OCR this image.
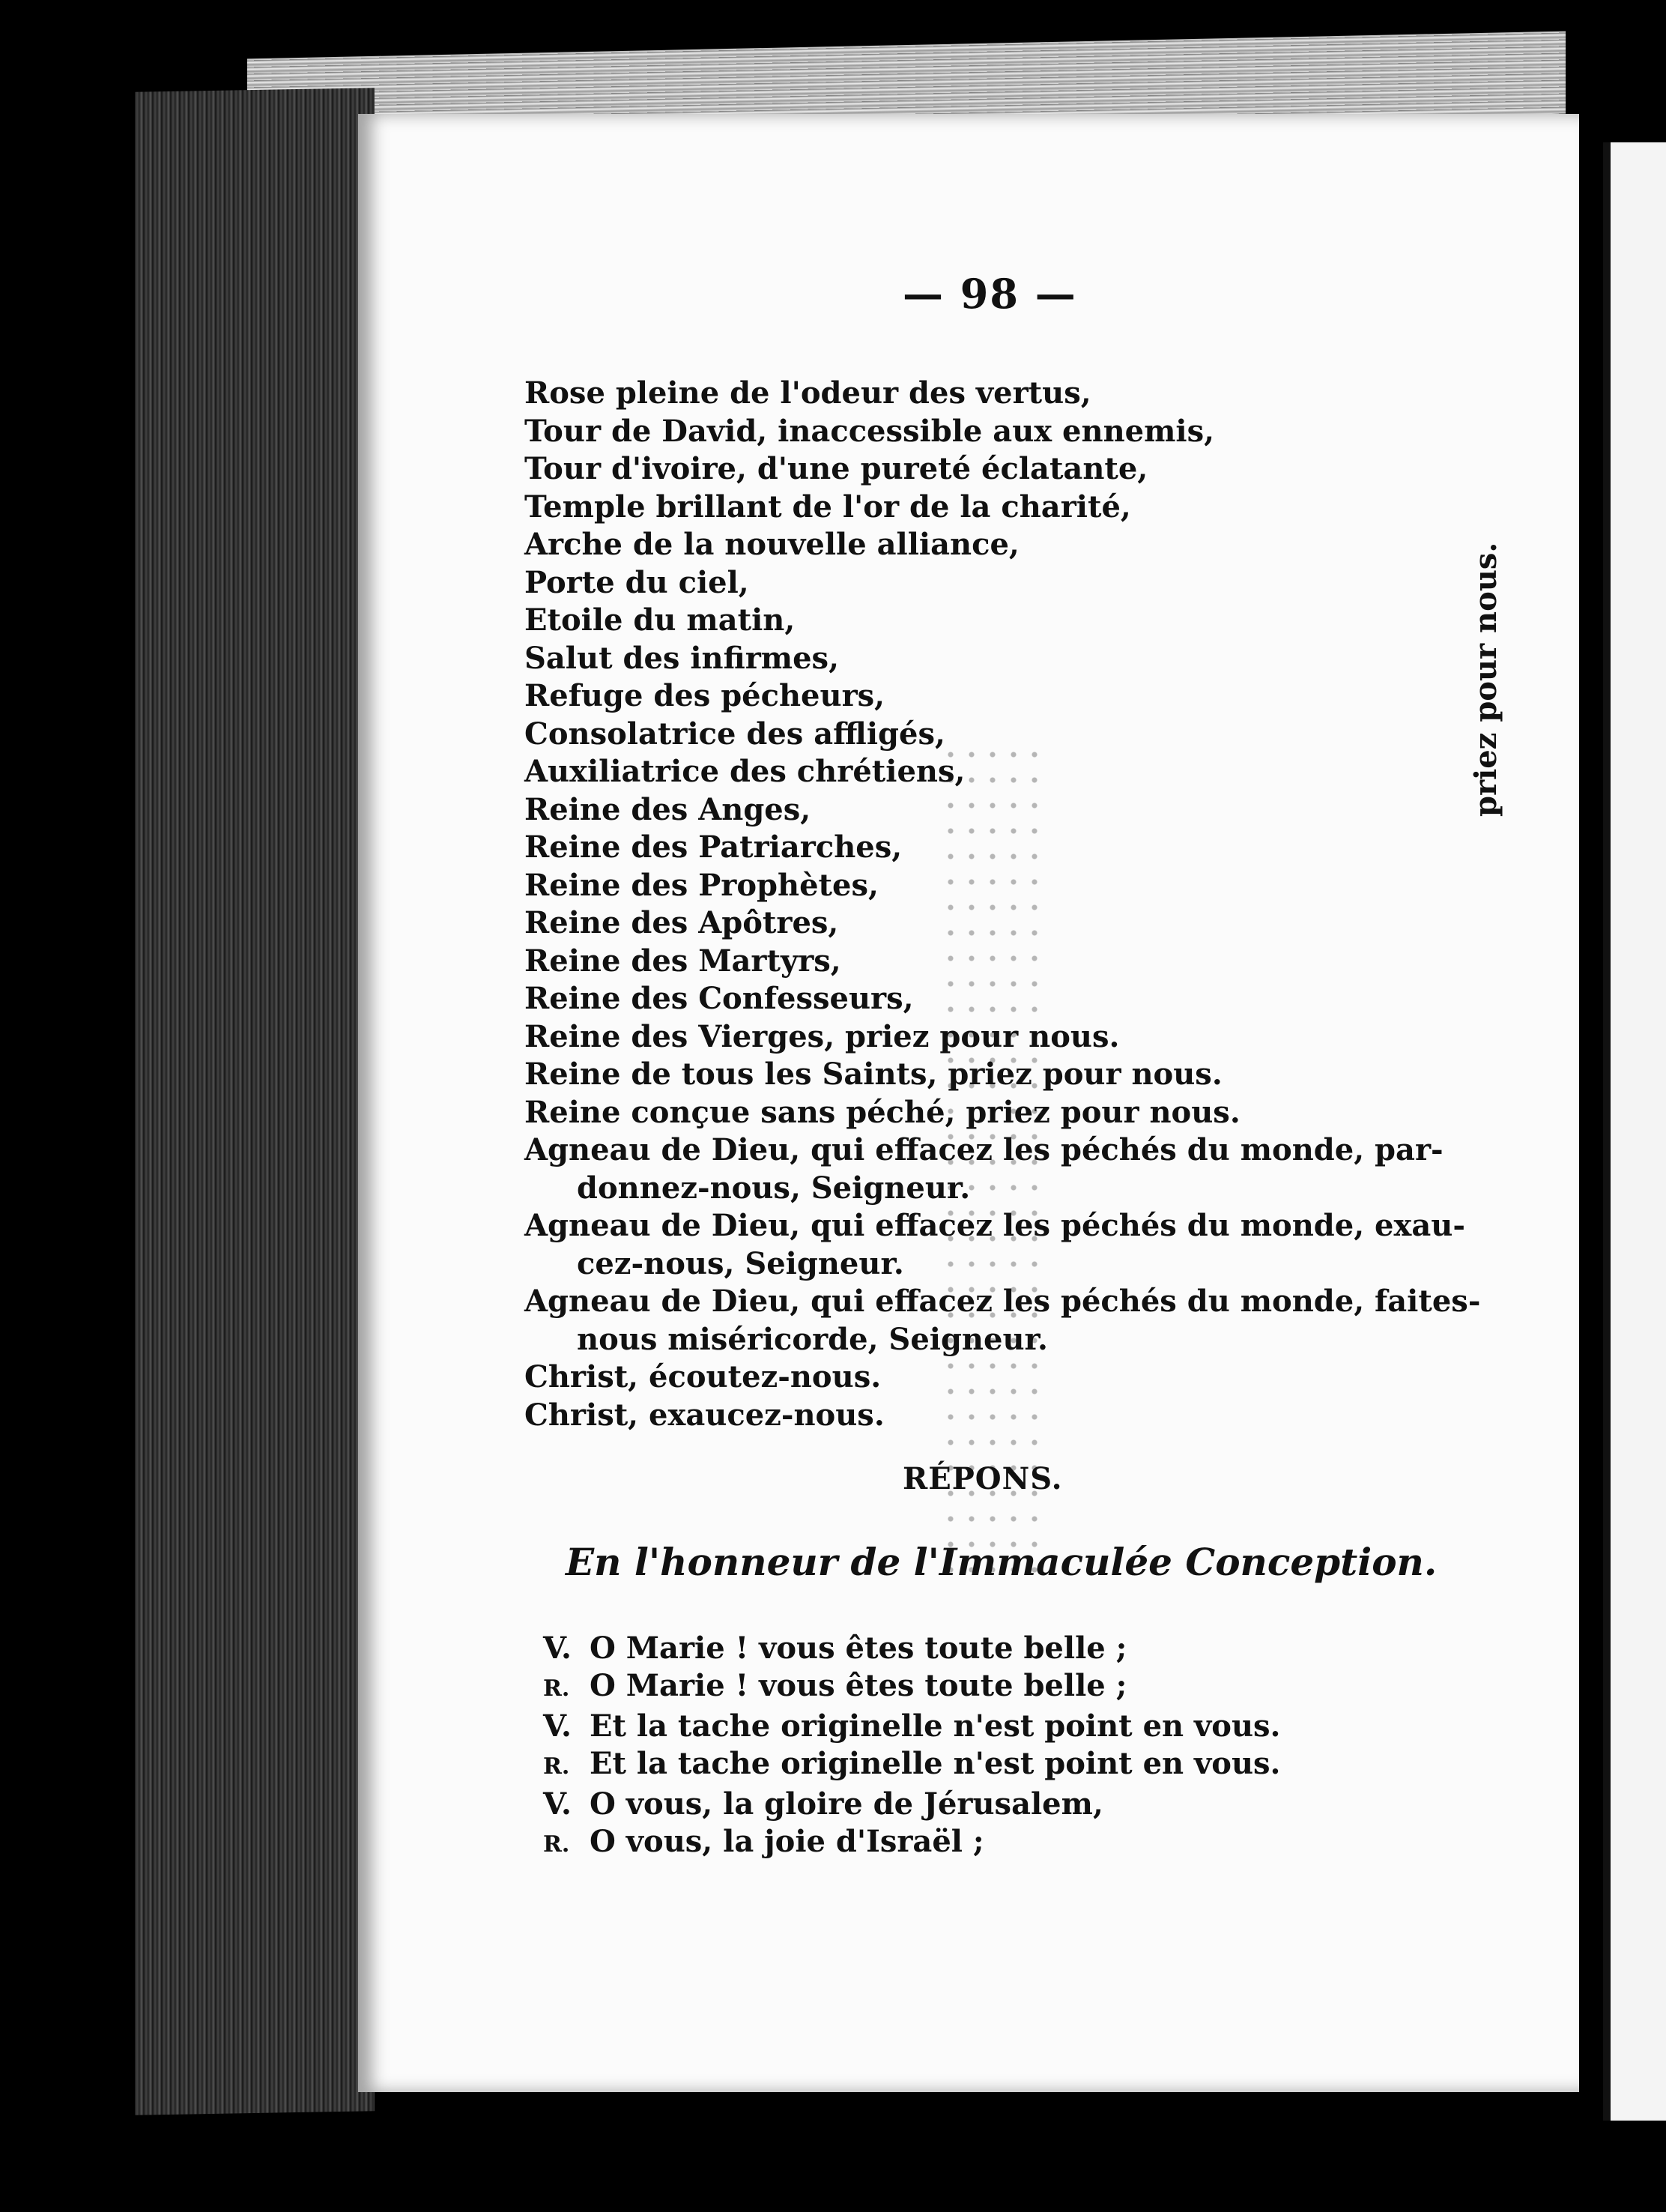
— 98 —
Rose pleine de l'odeur des vertus,
Tour de David, inaccessible aux ennemis,
Tour d'ivoire, d'une pureté éclatante,
Temple brillant de l'or de la charité,
Arche de la nouvelle alliance,
Porte du ciel,
Etoile du matin,
Salut des infirmes,
Refuge des pécheurs,
Consolatrice des affligés,
Auxiliatrice des chrétiens,
Reine des Anges,
Reine des Patriarches,
Reine des Prophètes,
Reine des Apôtres,
Reine des Martyrs,
Reine des Confesseurs,
Reine des Vierges, priez pour nous.
Reine de tous les Saints, priez pour nous.
Reine conçue sans péché, priez pour nous.
Agneau de Dieu, qui effacez les péchés du monde, par-
donnez-nous, Seigneur.
Agneau de Dieu, qui effacez les péchés du monde, exau-
cez-nous, Seigneur.
Agneau de Dieu, qui effacez les péchés du monde, faites-
nous miséricorde, Seigneur.
Christ, écoutez-nous.
Christ, exaucez-nous.
priez pour nous.
RÉPONS.
En l'honneur de l'Immaculée Conception.
V. O Marie ! vous êtes toute belle ;
R. O Marie ! vous êtes toute belle ;
V. Et la tache originelle n'est point en vous.
R. Et la tache originelle n'est point en vous.
V. O vous, la gloire de Jérusalem,
R. O vous, la joie d'Israël ;
